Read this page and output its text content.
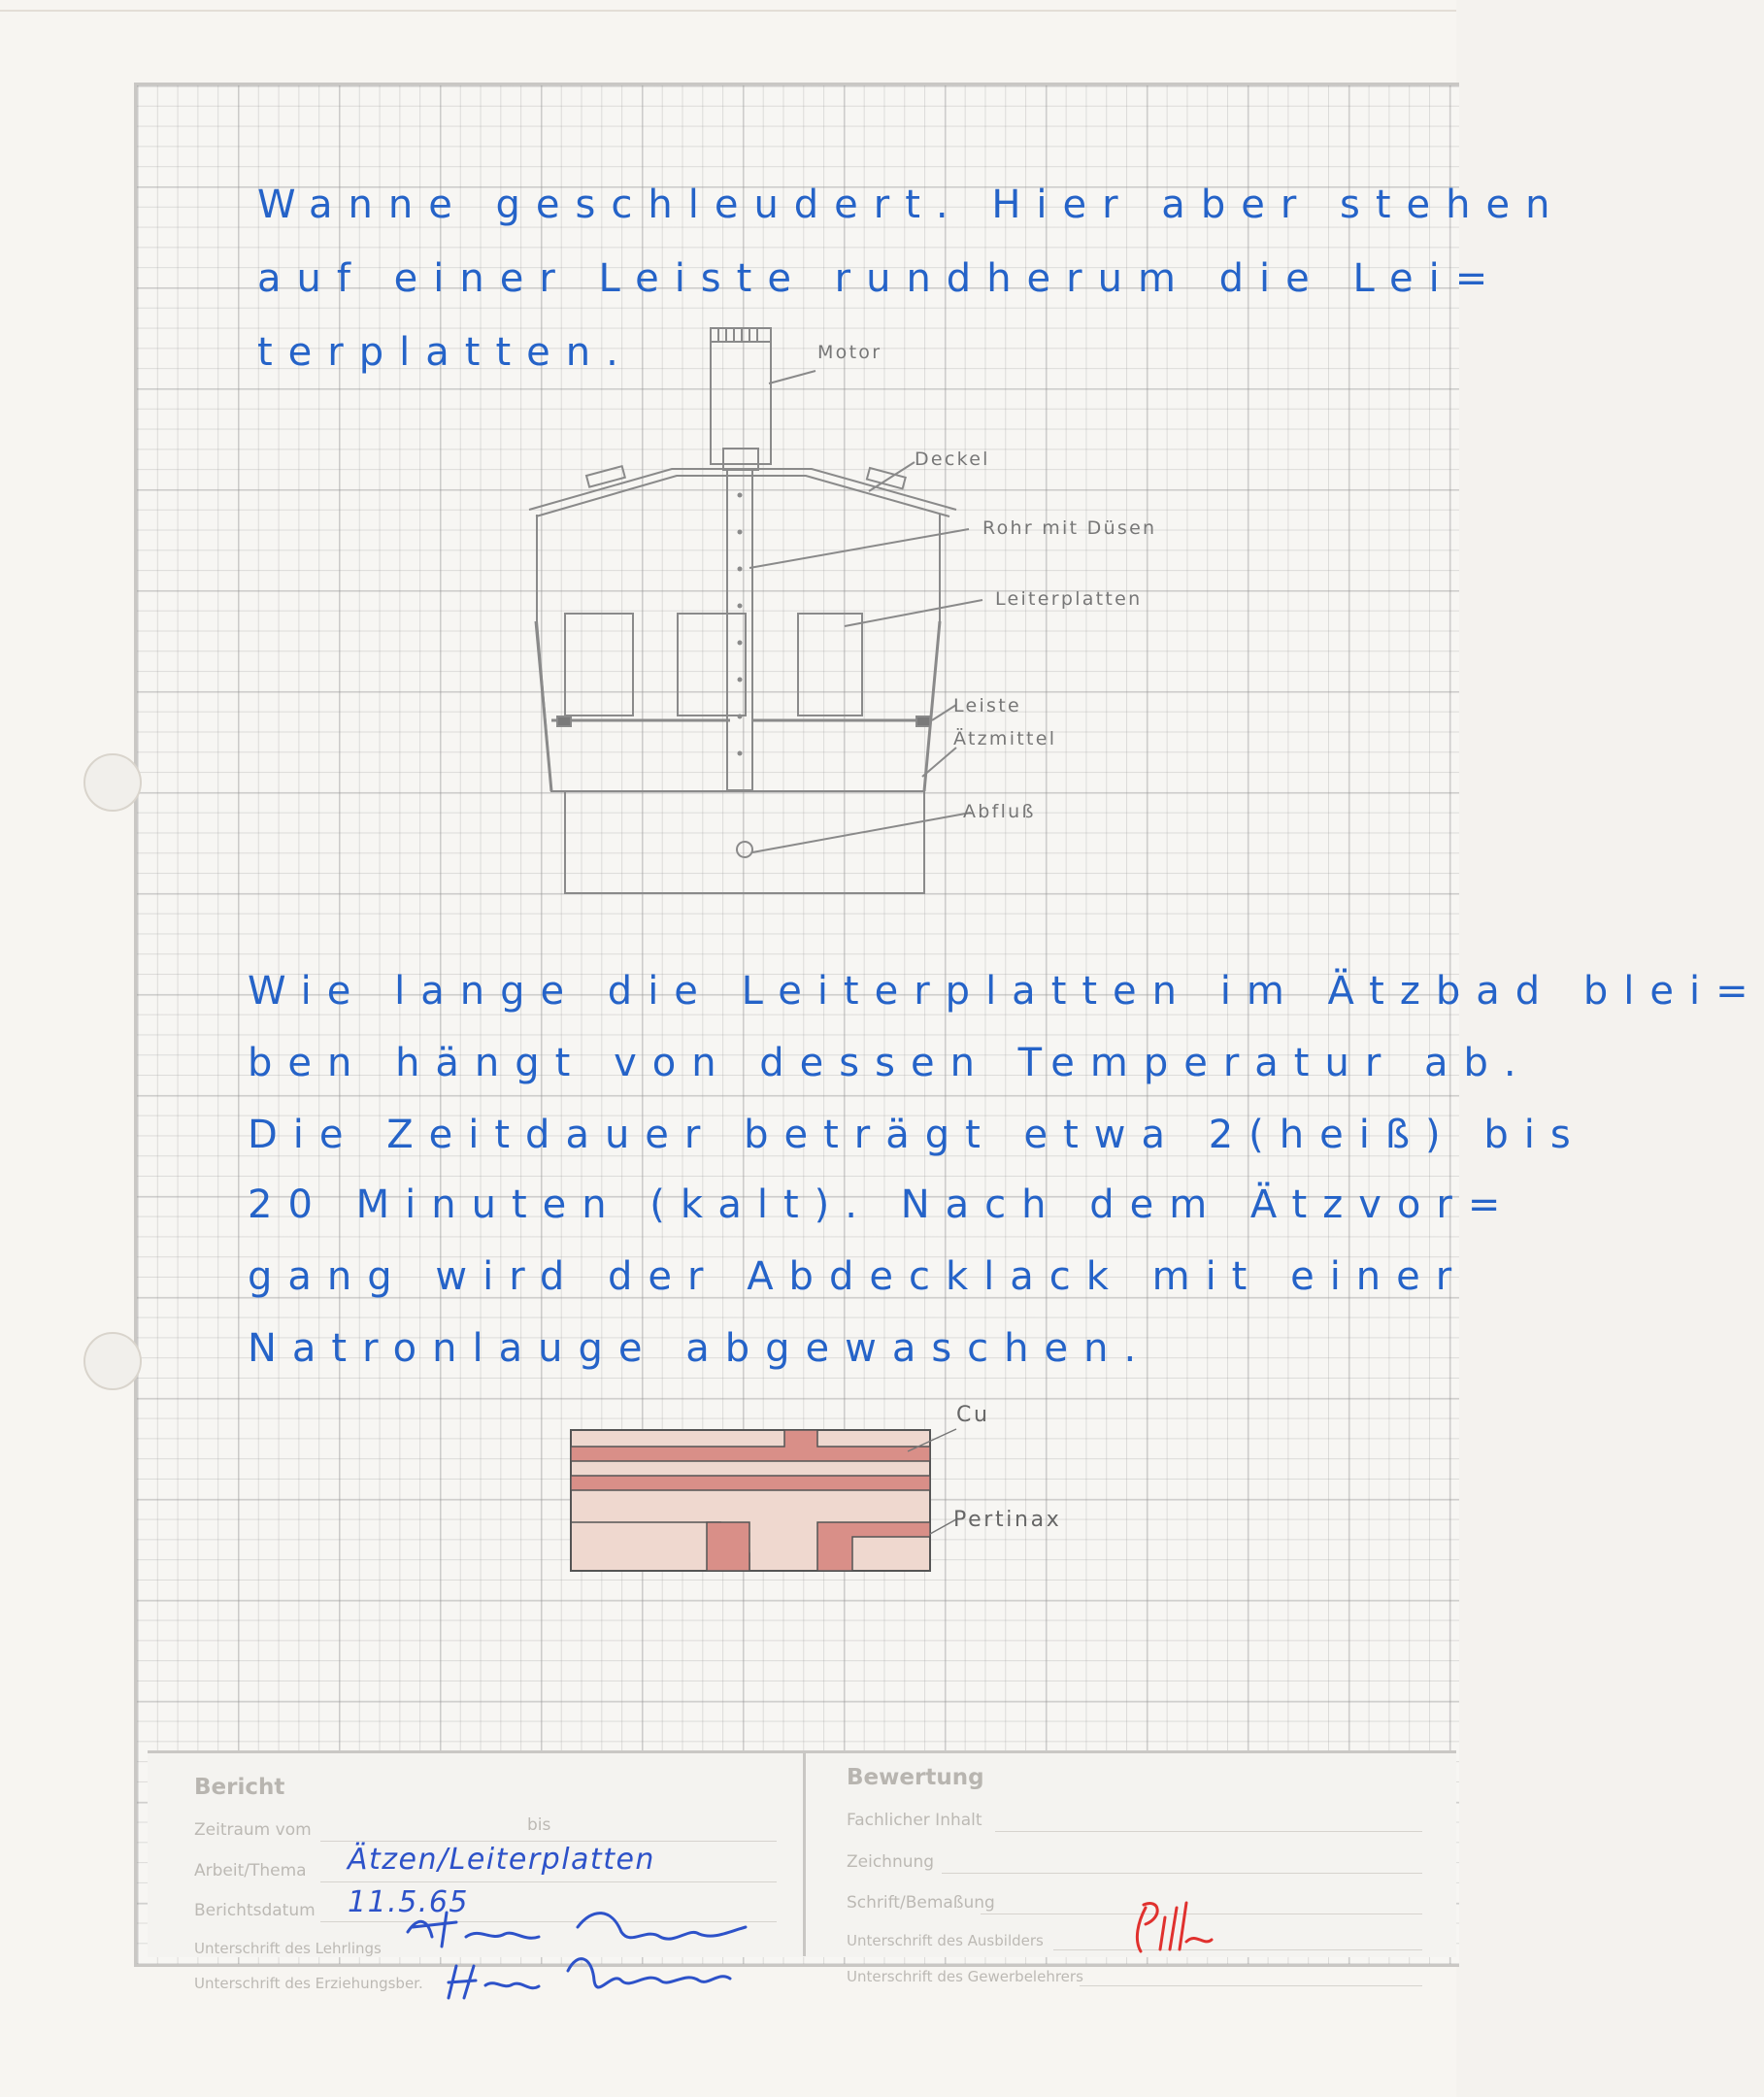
Wanne geschleudert. Hier aber stehen
auf einer Leiste rundherum die Lei=
terplatten.	Motor
Deckel
Rohr mit Düsen
Leiterplatten
Leiste
Ätzmittel
Abfluß
Wie lange die Leiterplatten im Ätzbad blei=
ben hängt von dessen Temperatur ab.
Die Zeitdauer beträgt etwa 2(heiß) bis
20 Minuten (kalt). Nach dem Ätzvor=
gang wird der Abdecklack mit einer
Natronlauge abgewaschen.
Cu
Pertinax
Bericht
Zeitraum vom	bis
Arbeit/Thema Ätzen/Leiterplatten
Berichtsdatum 11.5.65
Unterschrift des Lehrlings
Unterschrift des Erziehungsber.
Bewertung
Fachlicher Inhalt
Zeichnung
Schrift/Bemaßung
Unterschrift des Ausbilders
Unterschrift des Gewerbelehrers
